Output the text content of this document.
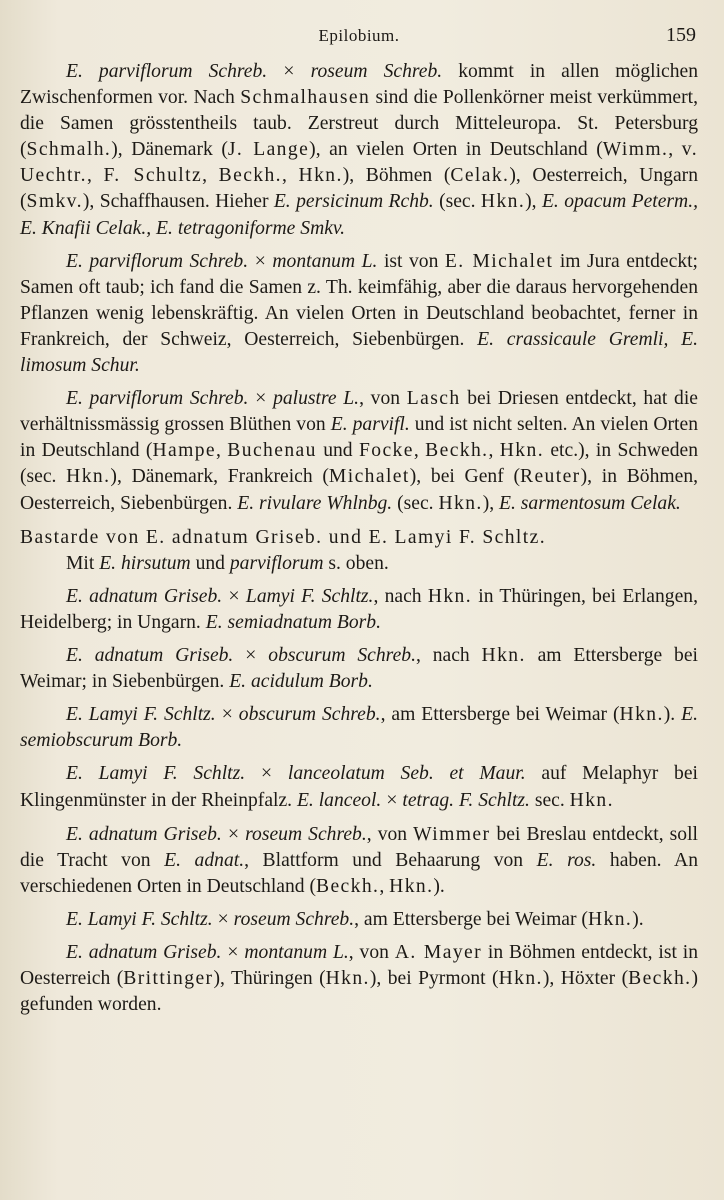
Epilobium.	159

E. parviflorum Schreb. × roseum Schreb. kommt in allen möglichen Zwischenformen vor. Nach Schmalhausen sind die Pollenkörner meist verkümmert, die Samen grösstentheils taub. Zerstreut durch Mitteleuropa. St. Petersburg (Schmalh.), Dänemark (J. Lange), an vielen Orten in Deutschland (Wimm., v. Uechtr., F. Schultz, Beckh., Hkn.), Böhmen (Celak.), Oesterreich, Ungarn (Smkv.), Schaffhausen. Hieher E. persicinum Rchb. (sec. Hkn.), E. opacum Peterm., E. Knafii Celak., E. tetragoniforme Smkv.

E. parviflorum Schreb. × montanum L. ist von E. Michalet im Jura entdeckt; Samen oft taub; ich fand die Samen z. Th. keimfähig, aber die daraus hervorgehenden Pflanzen wenig lebenskräftig. An vielen Orten in Deutschland beobachtet, ferner in Frankreich, der Schweiz, Oesterreich, Siebenbürgen. E. crassicaule Gremli, E. limosum Schur.

E. parviflorum Schreb. × palustre L., von Lasch bei Driesen entdeckt, hat die verhältnissmässig grossen Blüthen von E. parvifl. und ist nicht selten. An vielen Orten in Deutschland (Hampe, Buchenau und Focke, Beckh., Hkn. etc.), in Schweden (sec. Hkn.), Dänemark, Frankreich (Michalet), bei Genf (Reuter), in Böhmen, Oesterreich, Siebenbürgen. E. rivulare Whlnbg. (sec. Hkn.), E. sarmentosum Celak.

Bastarde von E. adnatum Griseb. und E. Lamyi F. Schltz.

Mit E. hirsutum und parviflorum s. oben.

E. adnatum Griseb. × Lamyi F. Schltz., nach Hkn. in Thüringen, bei Erlangen, Heidelberg; in Ungarn. E. semiadnatum Borb.

E. adnatum Griseb. × obscurum Schreb., nach Hkn. am Ettersberge bei Weimar; in Siebenbürgen. E. acidulum Borb.

E. Lamyi F. Schltz. × obscurum Schreb., am Ettersberge bei Weimar (Hkn.). E. semiobscurum Borb.

E. Lamyi F. Schltz. × lanceolatum Seb. et Maur. auf Melaphyr bei Klingenmünster in der Rheinpfalz. E. lanceol. × tetrag. F. Schltz. sec. Hkn.

E. adnatum Griseb. × roseum Schreb., von Wimmer bei Breslau entdeckt, soll die Tracht von E. adnat., Blattform und Behaarung von E. ros. haben. An verschiedenen Orten in Deutschland (Beckh., Hkn.).

E. Lamyi F. Schltz. × roseum Schreb., am Ettersberge bei Weimar (Hkn.).

E. adnatum Griseb. × montanum L., von A. Mayer in Böhmen entdeckt, ist in Oesterreich (Brittinger), Thüringen (Hkn.), bei Pyrmont (Hkn.), Höxter (Beckh.) gefunden worden.
